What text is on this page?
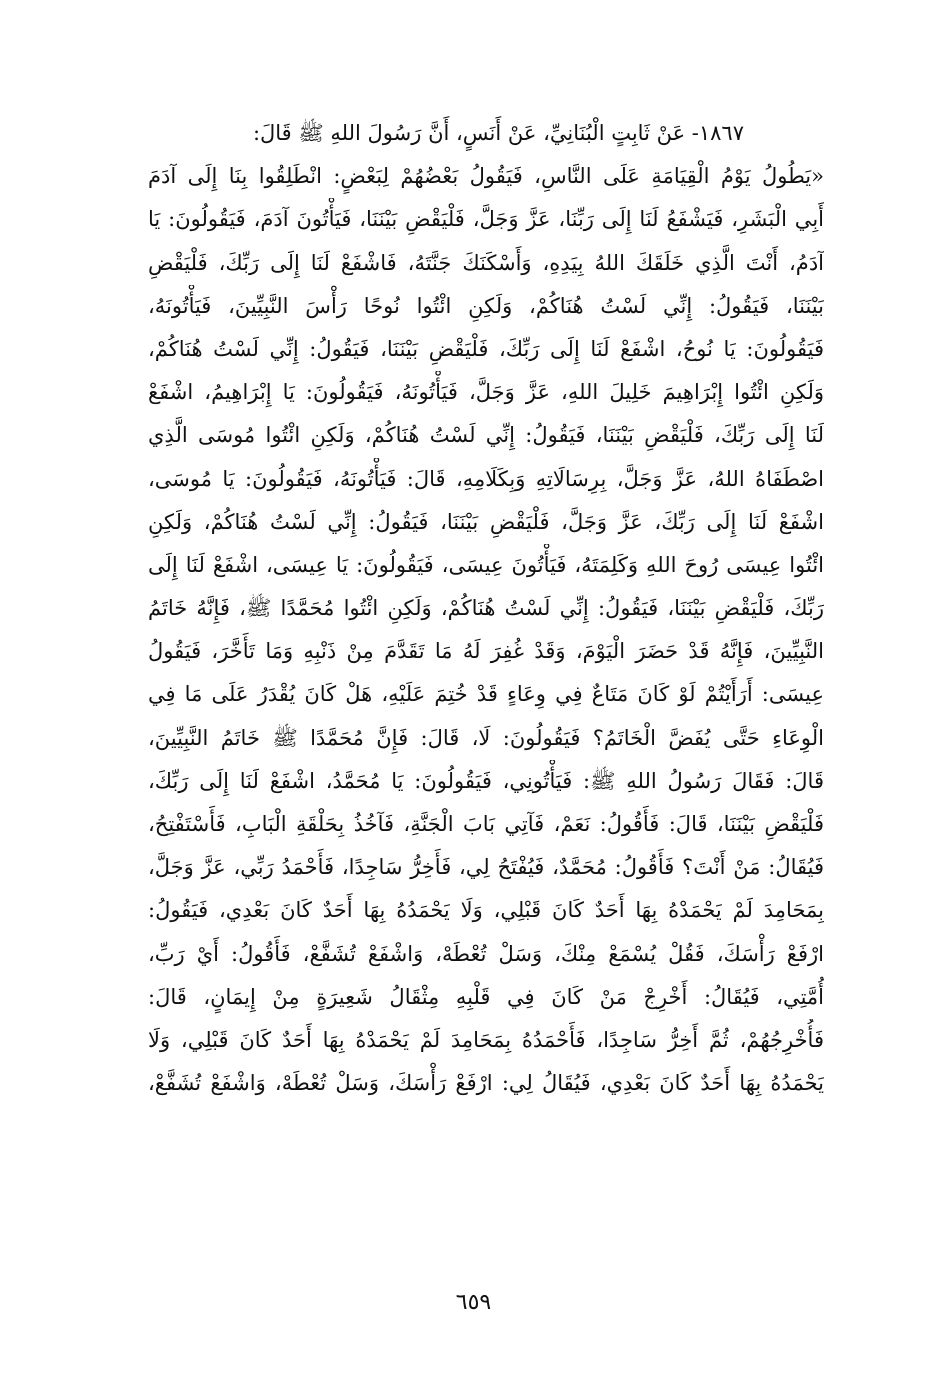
١٨٦٧- عَنْ ثَابِتٍ الْبُنَانِيِّ، عَنْ أَنَسٍ، أَنَّ رَسُولَ اللهِ ﷺ قَالَ:
«يَطُولُ يَوْمُ الْقِيَامَةِ عَلَى النَّاسِ، فَيَقُولُ بَعْضُهُمْ لِبَعْضٍ: انْطَلِقُوا بِنَا إِلَى آدَمَ
أَبِي الْبَشَرِ، فَيَشْفَعُ لَنَا إِلَى رَبِّنَا، عَزَّ وَجَلَّ، فَلْيَقْضِ بَيْنَنَا، فَيَأْتُونَ آدَمَ، فَيَقُولُونَ: يَا
آدَمُ، أَنْتَ الَّذِي خَلَقَكَ اللهُ بِيَدِهِ، وَأَسْكَنَكَ جَنَّتَهُ، فَاشْفَعْ لَنَا إِلَى رَبِّكَ، فَلْيَقْضِ
بَيْنَنَا، فَيَقُولُ: إِنِّي لَسْتُ هُنَاكُمْ، وَلَكِنِ ائْتُوا نُوحًا رَأْسَ النَّبِيِّينَ، فَيَأْتُونَهُ،
فَيَقُولُونَ: يَا نُوحُ، اشْفَعْ لَنَا إِلَى رَبِّكَ، فَلْيَقْضِ بَيْنَنَا، فَيَقُولُ: إِنِّي لَسْتُ هُنَاكُمْ،
وَلَكِنِ ائْتُوا إِبْرَاهِيمَ خَلِيلَ اللهِ، عَزَّ وَجَلَّ، فَيَأْتُونَهُ، فَيَقُولُونَ: يَا إِبْرَاهِيمُ، اشْفَعْ
لَنَا إِلَى رَبِّكَ، فَلْيَقْضِ بَيْنَنَا، فَيَقُولُ: إِنِّي لَسْتُ هُنَاكُمْ، وَلَكِنِ ائْتُوا مُوسَى الَّذِي
اصْطَفَاهُ اللهُ، عَزَّ وَجَلَّ، بِرِسَالَاتِهِ وَبِكَلَامِهِ، قَالَ: فَيَأْتُونَهُ، فَيَقُولُونَ: يَا مُوسَى،
اشْفَعْ لَنَا إِلَى رَبِّكَ، عَزَّ وَجَلَّ، فَلْيَقْضِ بَيْنَنَا، فَيَقُولُ: إِنِّي لَسْتُ هُنَاكُمْ، وَلَكِنِ
ائْتُوا عِيسَى رُوحَ اللهِ وَكَلِمَتَهُ، فَيَأْتُونَ عِيسَى، فَيَقُولُونَ: يَا عِيسَى، اشْفَعْ لَنَا إِلَى
رَبِّكَ، فَلْيَقْضِ بَيْنَنَا، فَيَقُولُ: إِنِّي لَسْتُ هُنَاكُمْ، وَلَكِنِ ائْتُوا مُحَمَّدًا ﷺ، فَإِنَّهُ خَاتَمُ
النَّبِيِّينَ، فَإِنَّهُ قَدْ حَضَرَ الْيَوْمَ، وَقَدْ غُفِرَ لَهُ مَا تَقَدَّمَ مِنْ ذَنْبِهِ وَمَا تَأَخَّرَ، فَيَقُولُ
عِيسَى: أَرَأَيْتُمْ لَوْ كَانَ مَتَاعٌ فِي وِعَاءٍ قَدْ خُتِمَ عَلَيْهِ، هَلْ كَانَ يُقْدَرُ عَلَى مَا فِي
الْوِعَاءِ حَتَّى يُفَضَّ الْخَاتَمُ؟ فَيَقُولُونَ: لَا، قَالَ: فَإِنَّ مُحَمَّدًا ﷺ خَاتَمُ النَّبِيِّينَ،
قَالَ: فَقَالَ رَسُولُ اللهِ ﷺ: فَيَأْتُونِي، فَيَقُولُونَ: يَا مُحَمَّدُ، اشْفَعْ لَنَا إِلَى رَبِّكَ،
فَلْيَقْضِ بَيْنَنَا، قَالَ: فَأَقُولُ: نَعَمْ، فَآتِي بَابَ الْجَنَّةِ، فَآخُذُ بِحَلْقَةِ الْبَابِ، فَأَسْتَفْتِحُ،
فَيُقَالُ: مَنْ أَنْتَ؟ فَأَقُولُ: مُحَمَّدٌ، فَيُفْتَحُ لِي، فَأَخِرُّ سَاجِدًا، فَأَحْمَدُ رَبِّي، عَزَّ وَجَلَّ،
بِمَحَامِدَ لَمْ يَحْمَدْهُ بِهَا أَحَدٌ كَانَ قَبْلِي، وَلَا يَحْمَدُهُ بِهَا أَحَدٌ كَانَ بَعْدِي، فَيَقُولُ:
ارْفَعْ رَأْسَكَ، فَقُلْ يُسْمَعْ مِنْكَ، وَسَلْ تُعْطَهْ، وَاشْفَعْ تُشَفَّعْ، فَأَقُولُ: أَيْ رَبِّ،
أُمَّتِي، فَيُقَالُ: أَخْرِجْ مَنْ كَانَ فِي قَلْبِهِ مِثْقَالُ شَعِيرَةٍ مِنْ إِيمَانٍ، قَالَ:
فَأُخْرِجُهُمْ، ثُمَّ أَخِرُّ سَاجِدًا، فَأَحْمَدُهُ بِمَحَامِدَ لَمْ يَحْمَدْهُ بِهَا أَحَدٌ كَانَ قَبْلِي، وَلَا
يَحْمَدُهُ بِهَا أَحَدٌ كَانَ بَعْدِي، فَيُقَالُ لِي: ارْفَعْ رَأْسَكَ، وَسَلْ تُعْطَهْ، وَاشْفَعْ تُشَفَّعْ،
٦٥٩
